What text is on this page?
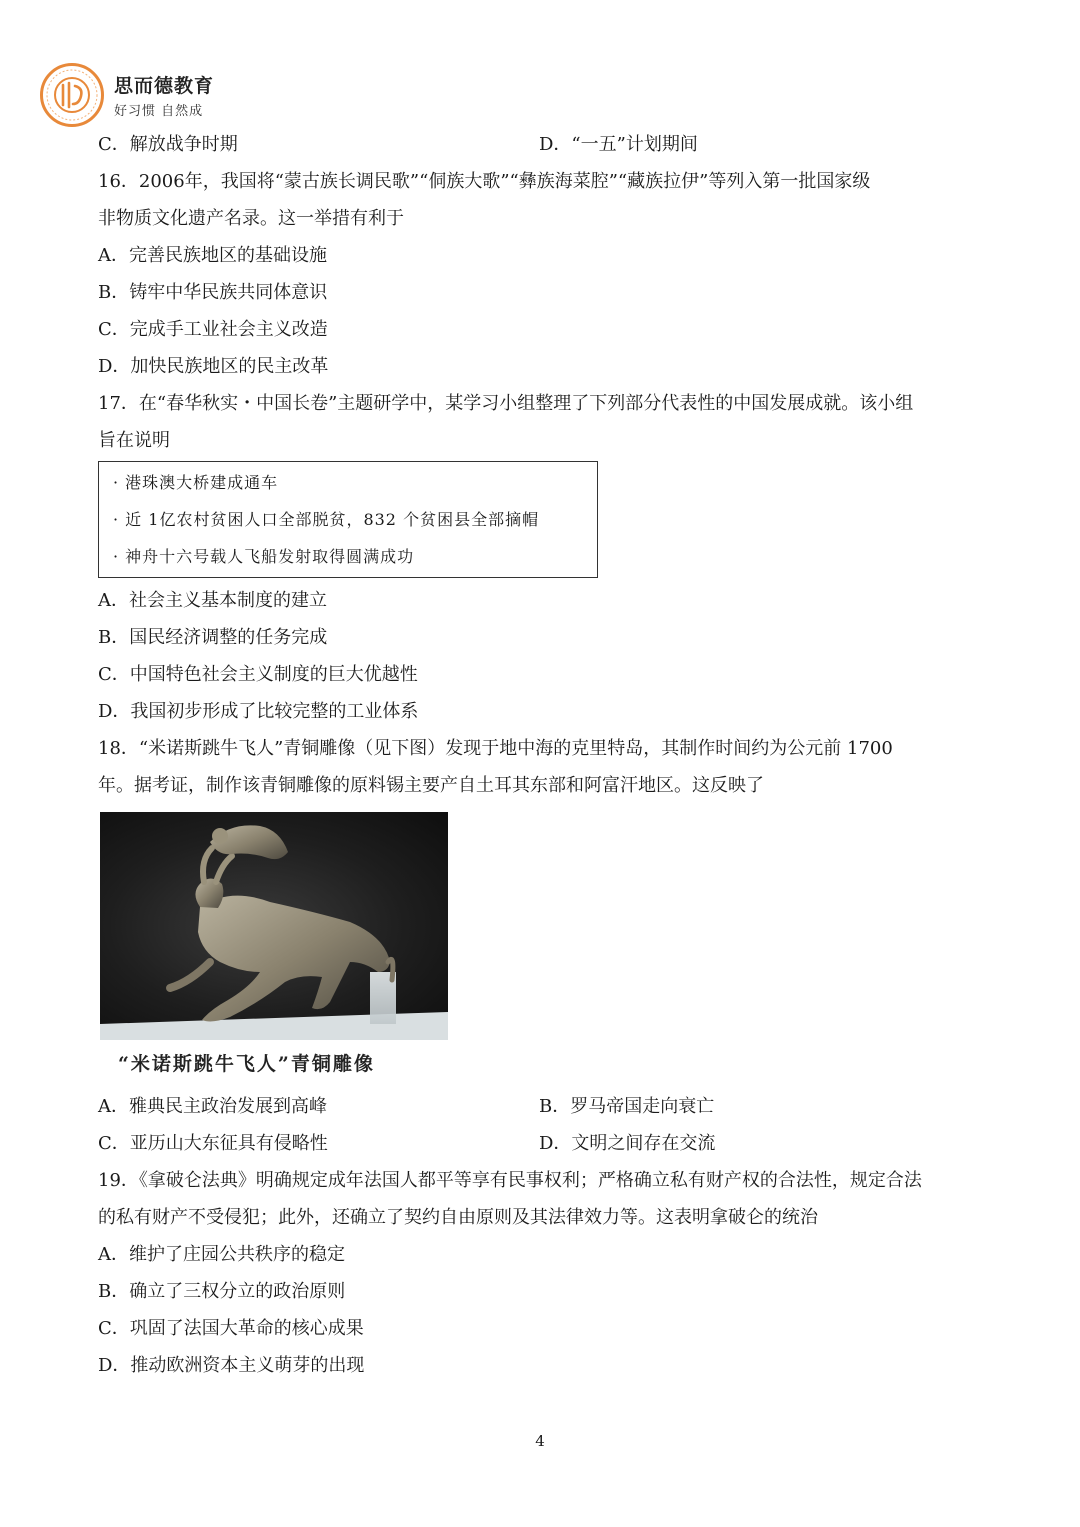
思而德教育
好习惯 自然成
C．解放战争时期	D．“一五”计划期间
16．2006年，我国将“蒙古族长调民歌”“侗族大歌”“彝族海菜腔”“藏族拉伊”等列入第一批国家级
非物质文化遗产名录。这一举措有利于
A．完善民族地区的基础设施
B．铸牢中华民族共同体意识
C．完成手工业社会主义改造
D．加快民族地区的民主改革
17．在“春华秋实・中国长卷”主题研学中，某学习小组整理了下列部分代表性的中国发展成就。该小组
旨在说明
· 港珠澳大桥建成通车
· 近 1亿农村贫困人口全部脱贫，832 个贫困县全部摘帽
· 神舟十六号载人飞船发射取得圆满成功
A．社会主义基本制度的建立
B．国民经济调整的任务完成
C．中国特色社会主义制度的巨大优越性
D．我国初步形成了比较完整的工业体系
18．“米诺斯跳牛飞人”青铜雕像（见下图）发现于地中海的克里特岛，其制作时间约为公元前 1700
年。据考证，制作该青铜雕像的原料锡主要产自土耳其东部和阿富汗地区。这反映了
“米诺斯跳牛飞人”青铜雕像
A．雅典民主政治发展到高峰	B．罗马帝国走向衰亡
C．亚历山大东征具有侵略性	D．文明之间存在交流
19．《拿破仑法典》明确规定成年法国人都平等享有民事权利；严格确立私有财产权的合法性，规定合法
的私有财产不受侵犯；此外，还确立了契约自由原则及其法律效力等。这表明拿破仑的统治
A．维护了庄园公共秩序的稳定
B．确立了三权分立的政治原则
C．巩固了法国大革命的核心成果
D．推动欧洲资本主义萌芽的出现
4
